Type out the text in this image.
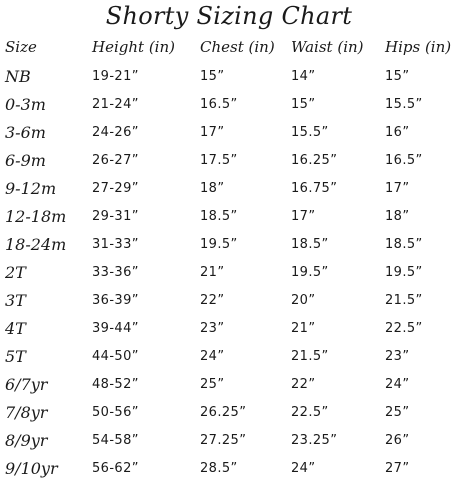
Shorty Sizing Chart
Size	Height (in)	Chest (in)	Waist (in)	Hips (in)
NB	19-21”	15”	14”	15”
0-3m	21-24”	16.5”	15”	15.5”
3-6m	24-26”	17”	15.5”	16”
6-9m	26-27”	17.5”	16.25”	16.5”
9-12m	27-29”	18”	16.75”	17”
12-18m	29-31”	18.5”	17”	18”
18-24m	31-33”	19.5”	18.5”	18.5”
2T	33-36”	21”	19.5”	19.5”
3T	36-39”	22”	20”	21.5”
4T	39-44”	23”	21”	22.5”
5T	44-50”	24”	21.5”	23”
6/7yr	48-52”	25”	22”	24”
7/8yr	50-56”	26.25”	22.5”	25”
8/9yr	54-58”	27.25”	23.25”	26”
9/10yr	56-62”	28.5”	24”	27”
